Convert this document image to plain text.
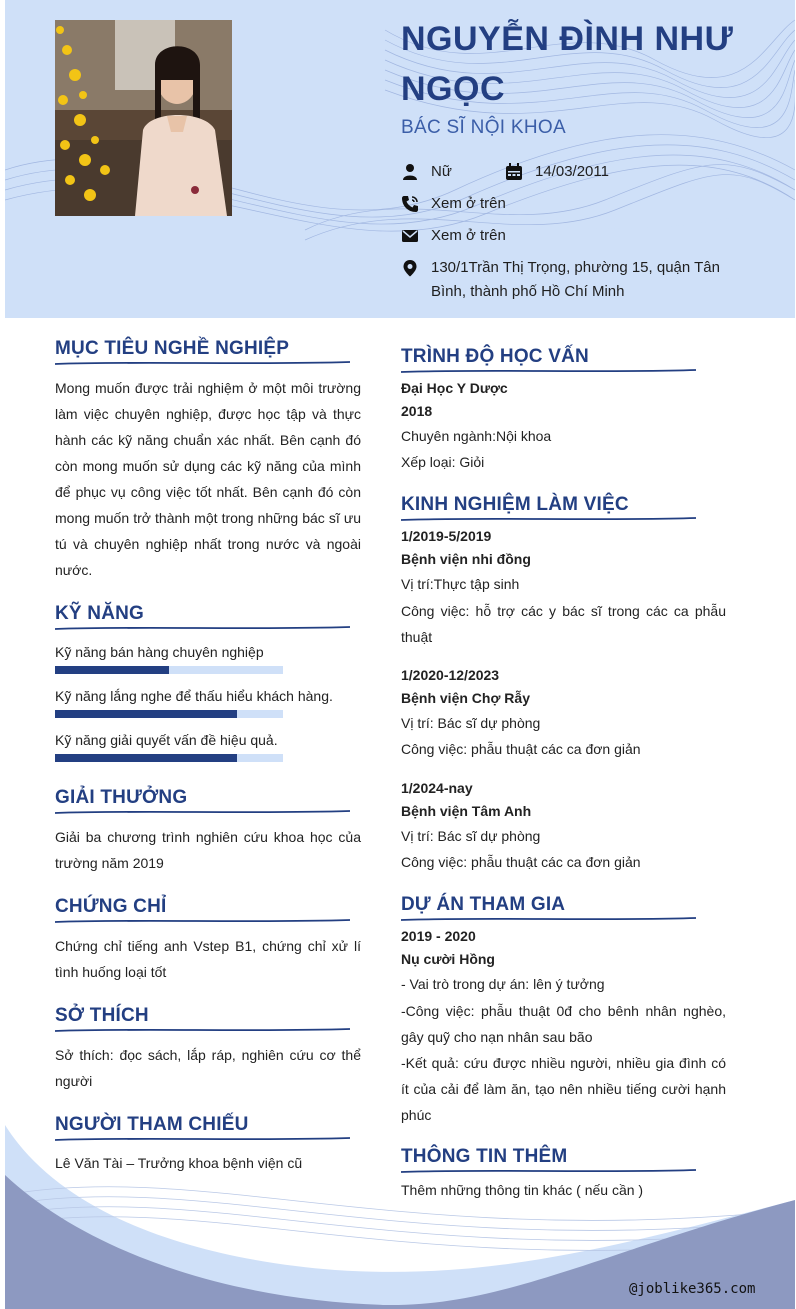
NGUYỄN ĐÌNH NHƯ NGỌC
BÁC SĨ NỘI KHOA
Nữ	14/03/2011
Xem ở trên
Xem ở trên
130/1Trần Thị Trọng, phường 15, quận Tân Bình, thành phố Hồ Chí Minh
MỤC TIÊU NGHỀ NGHIỆP
Mong muốn được trải nghiệm ở một môi trường làm việc chuyên nghiệp, được học tập và thực hành các kỹ năng chuẩn xác nhất. Bên cạnh đó còn mong muốn sử dụng các kỹ năng của mình để phục vụ công việc tốt nhất. Bên cạnh đó còn mong muốn trở thành một trong những bác sĩ ưu tú và chuyên nghiệp nhất trong nước và ngoài nước.
KỸ NĂNG
Kỹ năng bán hàng chuyên nghiệp
Kỹ năng lắng nghe để thấu hiểu khách hàng.
Kỹ năng giải quyết vấn đề hiệu quả.
GIẢI THƯỞNG
Giải ba chương trình nghiên cứu khoa học của trường năm 2019
CHỨNG CHỈ
Chứng chỉ tiếng anh Vstep B1, chứng chỉ xử lí tình huống loại tốt
SỞ THÍCH
Sở thích: đọc sách, lắp ráp, nghiên cứu cơ thể người
NGƯỜI THAM CHIẾU
Lê Văn Tài – Trưởng khoa bệnh viện cũ
TRÌNH ĐỘ HỌC VẤN
Đại Học Y Dược
2018
Chuyên ngành:Nội khoa
Xếp loại: Giỏi
KINH NGHIỆM LÀM VIỆC
1/2019-5/2019
Bệnh viện nhi đồng
Vị trí:Thực tập sinh
Công việc: hỗ trợ các y bác sĩ trong các ca phẫu thuật
1/2020-12/2023
Bệnh viện Chợ Rẫy
Vị trí: Bác sĩ dự phòng
Công việc: phẫu thuật các ca đơn giản
1/2024-nay
Bệnh viện Tâm Anh
Vị trí: Bác sĩ dự phòng
Công việc: phẫu thuật các ca đơn giản
DỰ ÁN THAM GIA
2019 - 2020
Nụ cười Hồng
- Vai trò trong dự án: lên ý tưởng
-Công việc: phẫu thuật 0đ cho bênh nhân nghèo, gây quỹ cho nạn nhân sau bão
-Kết quả: cứu được nhiều người, nhiều gia đình có ít của cải để làm ăn, tạo nên nhiều tiếng cười hạnh phúc
THÔNG TIN THÊM
Thêm những thông tin khác ( nếu cần )
@joblike365.com
